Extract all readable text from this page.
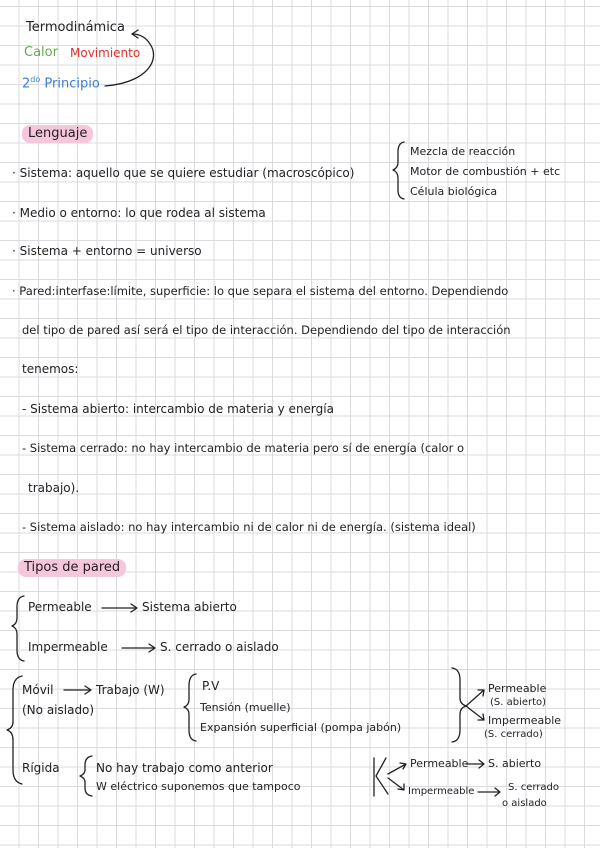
Termodinámica
Calor Movimiento
$2^{do}$ Principio
Lenguaje
· Sistema: aquello que se quiere estudiar (macroscópico)
Mezcla de reacción
Motor de combustión + etc
Célula biológica
· Medio o entorno: lo que rodea al sistema
· Sistema + entorno = universo
· Pared:interfase:límite, superficie: lo que separa el sistema del entorno. Dependiendo
del tipo de pared así será el tipo de interacción. Dependiendo del tipo de interacción
tenemos:
- Sistema abierto: intercambio de materia y energía
- Sistema cerrado: no hay intercambio de materia pero sí de energía (calor o
trabajo).
- Sistema aislado: no hay intercambio ni de calor ni de energía. (sistema ideal)
Tipos de pared
Permeable	Sistema abierto
Impermeable	S. cerrado o aislado
Móvil	Trabajo (W)
(No aislado)
P.V
Tensión (muelle)
Expansión superficial (pompa jabón)
Permeable
(S. abierto)
Impermeable
(S. cerrado)
Rígida	No hay trabajo como anterior
W eléctrico suponemos que tampoco
Permeable S. abierto
Impermeable	S. cerrado
o aislado
